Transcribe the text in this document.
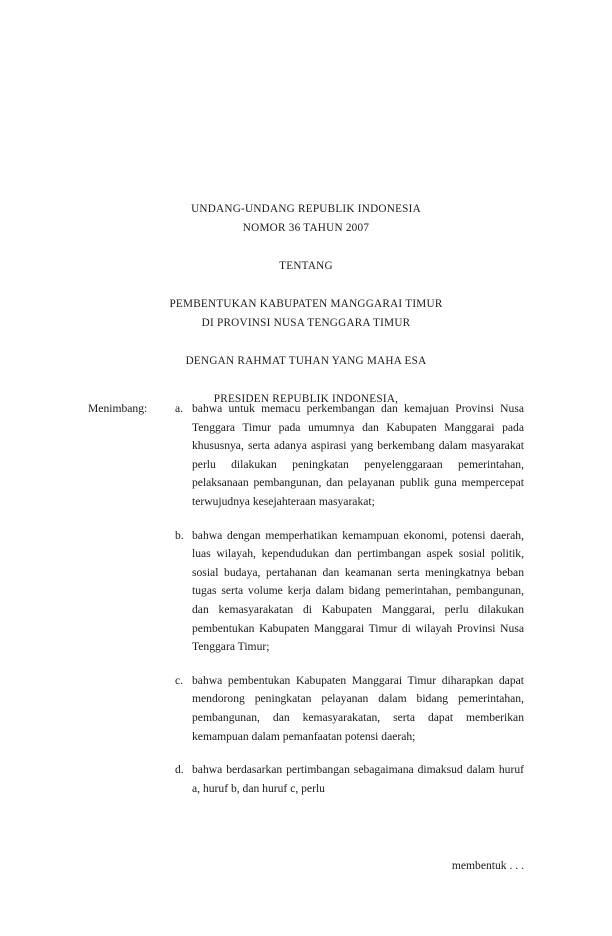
UNDANG-UNDANG REPUBLIK INDONESIA
NOMOR 36 TAHUN 2007
TENTANG
PEMBENTUKAN KABUPATEN MANGGARAI TIMUR
DI PROVINSI NUSA TENGGARA TIMUR
DENGAN RAHMAT TUHAN YANG MAHA ESA
PRESIDEN REPUBLIK INDONESIA,
Menimbang:	a. bahwa untuk memacu perkembangan dan kemajuan Provinsi Nusa Tenggara Timur pada umumnya dan Kabupaten Manggarai pada khususnya, serta adanya aspirasi yang berkembang dalam masyarakat perlu dilakukan peningkatan penyelenggaraan pemerintahan, pelaksanaan pembangunan, dan pelayanan publik guna mempercepat terwujudnya kesejahteraan masyarakat;
b. bahwa dengan memperhatikan kemampuan ekonomi, potensi daerah, luas wilayah, kependudukan dan pertimbangan aspek sosial politik, sosial budaya, pertahanan dan keamanan serta meningkatnya beban tugas serta volume kerja dalam bidang pemerintahan, pembangunan, dan kemasyarakatan di Kabupaten Manggarai, perlu dilakukan pembentukan Kabupaten Manggarai Timur di wilayah Provinsi Nusa Tenggara Timur;
c. bahwa pembentukan Kabupaten Manggarai Timur diharapkan dapat mendorong peningkatan pelayanan dalam bidang pemerintahan, pembangunan, dan kemasyarakatan, serta dapat memberikan kemampuan dalam pemanfaatan potensi daerah;
d. bahwa berdasarkan pertimbangan sebagaimana dimaksud dalam huruf a, huruf b, dan huruf c, perlu
membentuk . . .
